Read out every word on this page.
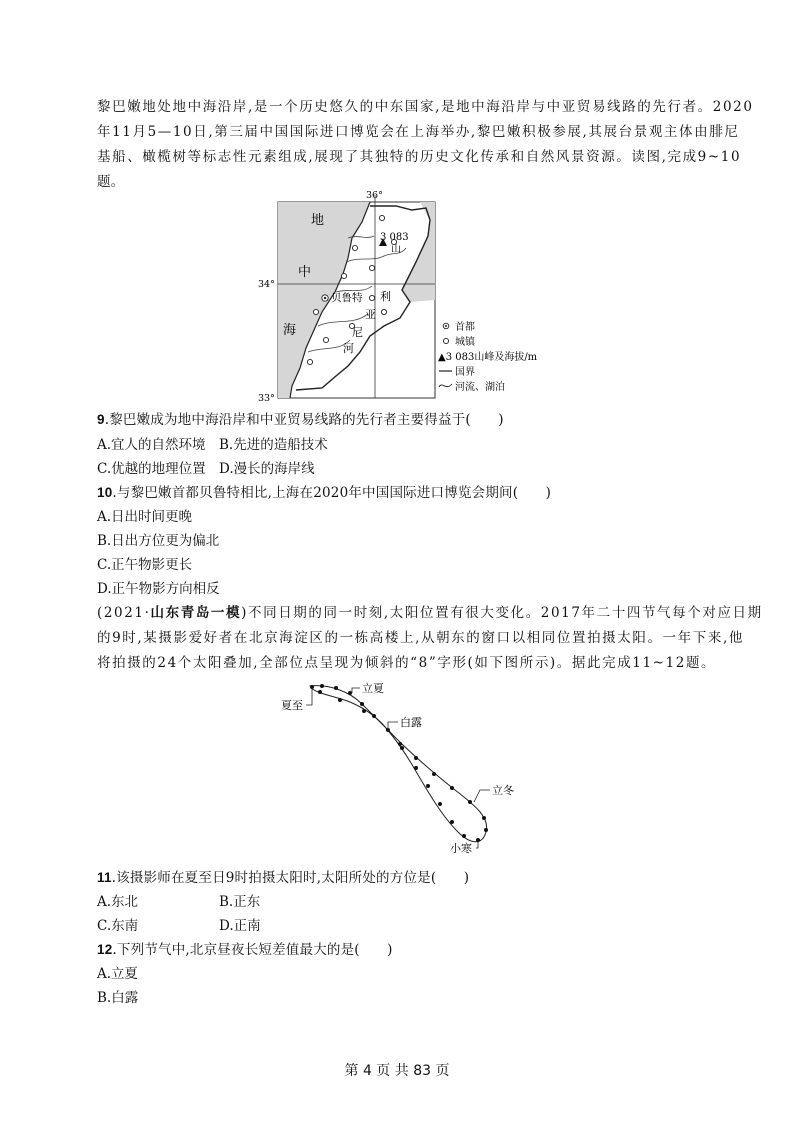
黎巴嫩地处地中海沿岸,是一个历史悠久的中东国家,是地中海沿岸与中亚贸易线路的先行者。2020
年11月5—10日,第三届中国国际进口博览会在上海举办,黎巴嫩积极参展,其展台景观主体由腓尼
基船、橄榄树等标志性元素组成,展现了其独特的历史文化传承和自然风景资源。读图,完成9~10
题。
36°
34°
33°
地
中
海
3 083
山
贝鲁特 利
亚
尼
河
首都
城镇
▲3 083山峰及海拔/m
国界
河流、湖泊
9.黎巴嫩成为地中海沿岸和中亚贸易线路的先行者主要得益于(　　)
A.宜人的自然环境 B.先进的造船技术
C.优越的地理位置 D.漫长的海岸线
10.与黎巴嫩首都贝鲁特相比,上海在2020年中国国际进口博览会期间(　　)
A.日出时间更晚
B.日出方位更为偏北
C.正午物影更长
D.正午物影方向相反
(2021·山东青岛一模)不同日期的同一时刻,太阳位置有很大变化。2017年二十四节气每个对应日期
的9时,某摄影爱好者在北京海淀区的一栋高楼上,从朝东的窗口以相同位置拍摄太阳。一年下来,他
将拍摄的24个太阳叠加,全部位点呈现为倾斜的“8”字形(如下图所示)。据此完成11~12题。
立夏
夏至
白露
立冬
小寒
11.该摄影师在夏至日9时拍摄太阳时,太阳所处的方位是(　　)
A.东北	B.正东
C.东南	D.正南
12.下列节气中,北京昼夜长短差值最大的是(　　)
A.立夏
B.白露
第 4 页 共 83 页
